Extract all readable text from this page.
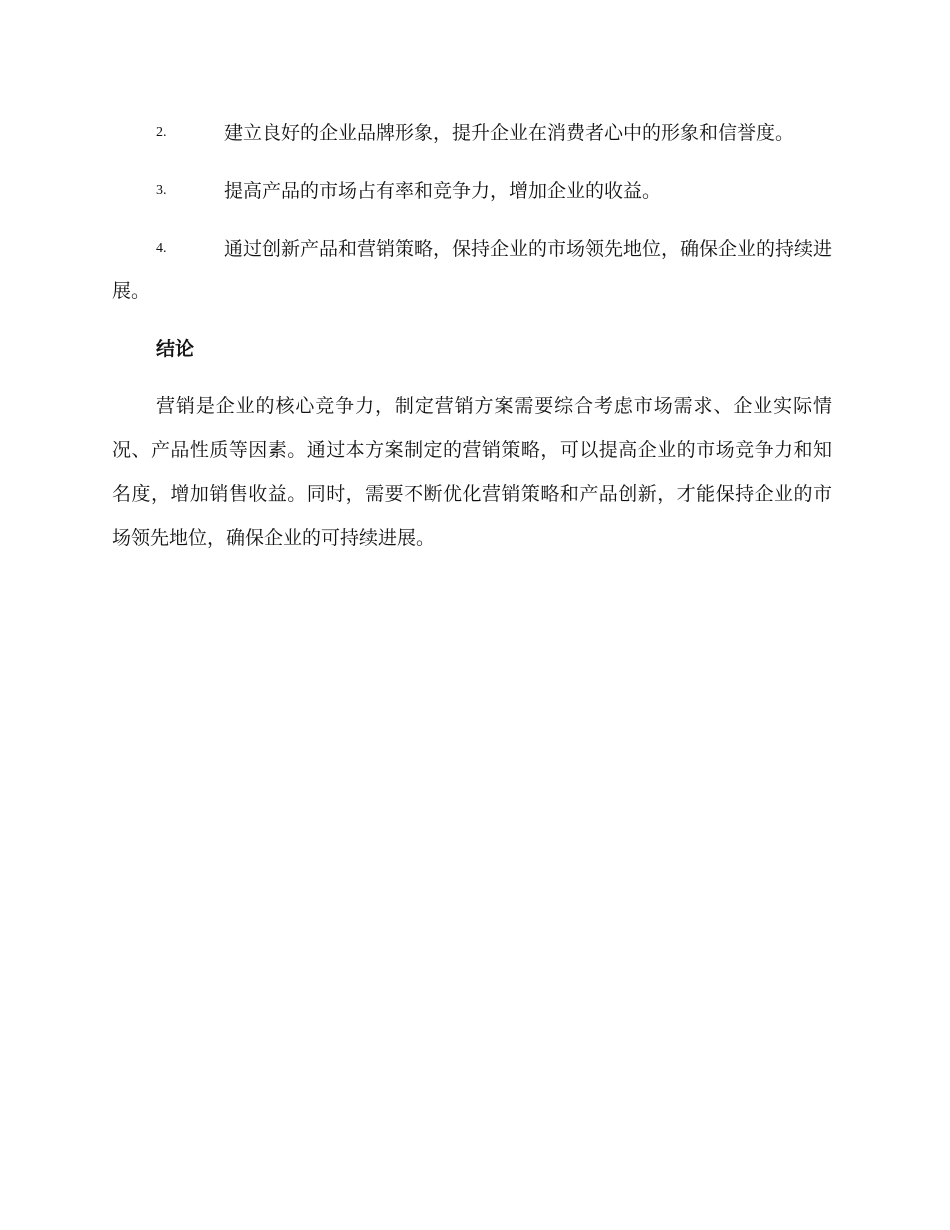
2.	建立良好的企业品牌形象，提升企业在消费者心中的形象和信誉度。
3.	提高产品的市场占有率和竞争力，增加企业的收益。
4.	通过创新产品和营销策略，保持企业的市场领先地位，确保企业的持续进展。
结论

营销是企业的核心竞争力，制定营销方案需要综合考虑市场需求、企业实际情况、产品性质等因素。通过本方案制定的营销策略，可以提高企业的市场竞争力和知名度，增加销售收益。同时，需要不断优化营销策略和产品创新，才能保持企业的市场领先地位，确保企业的可持续进展。
